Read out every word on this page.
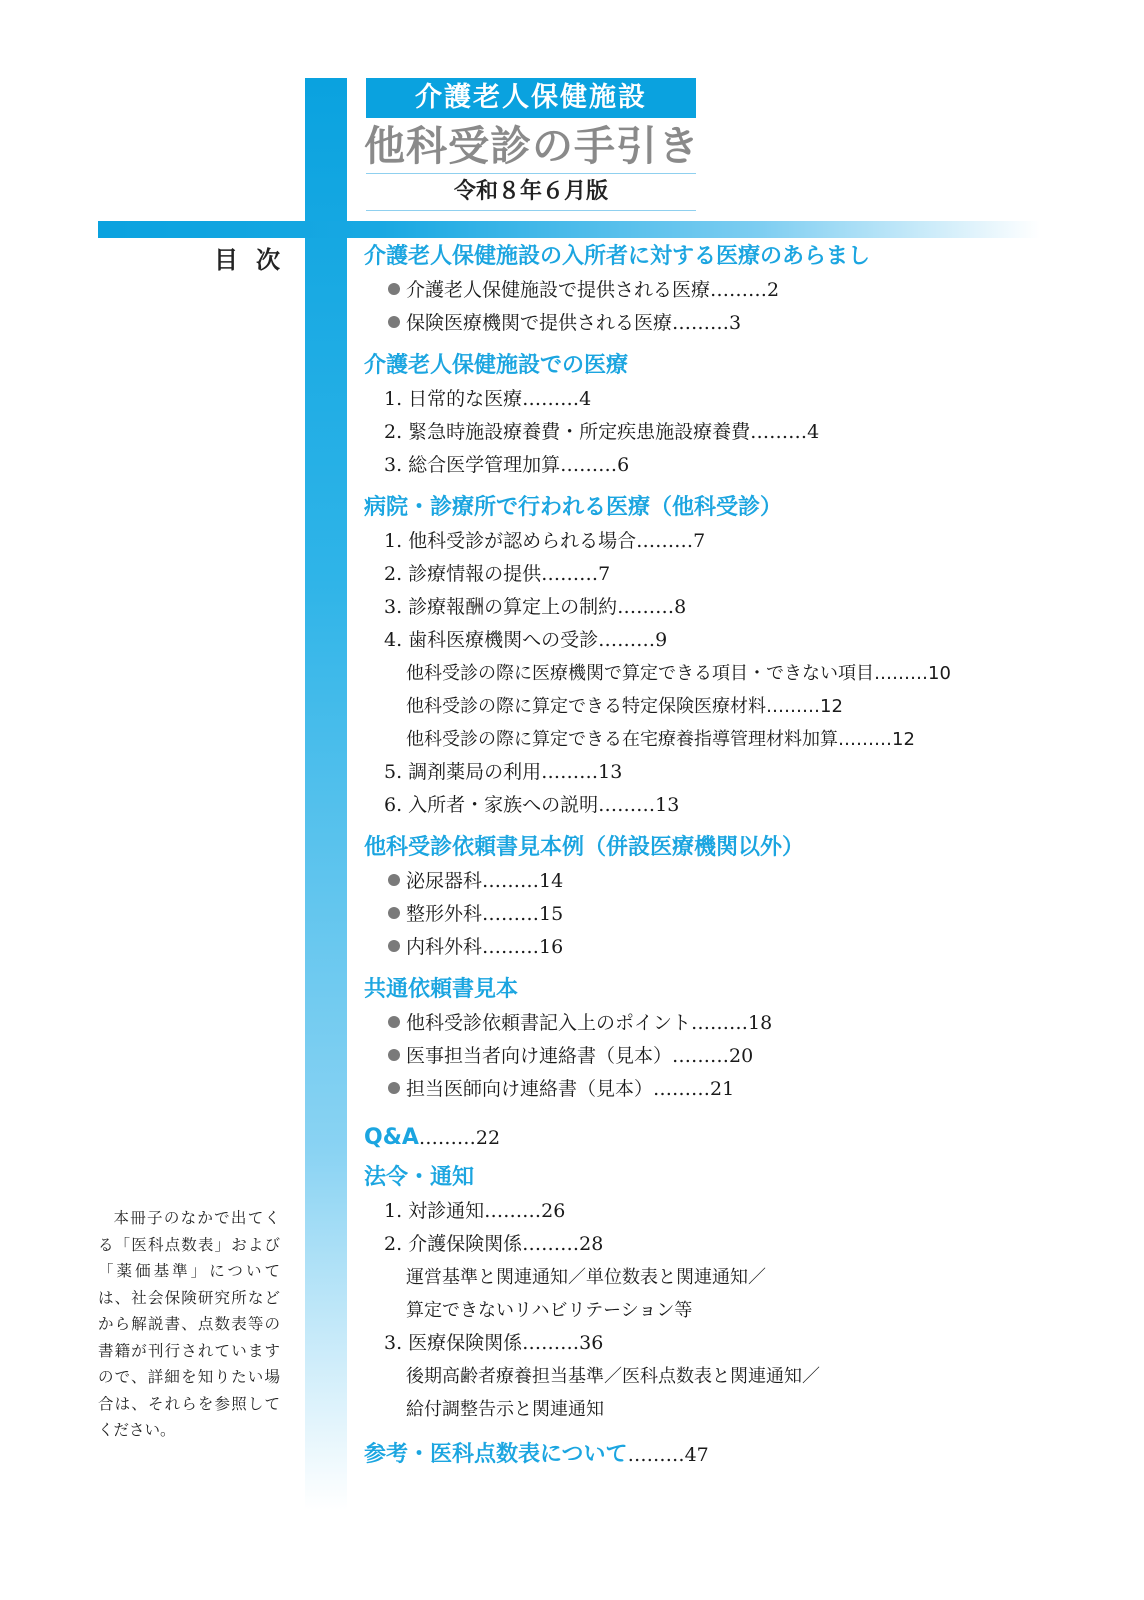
介護老人保健施設
他科受診の手引き
令和８年６月版
目次	介護老人保健施設の入所者に対する医療のあらまし
介護老人保健施設で提供される医療………2
保険医療機関で提供される医療………3
介護老人保健施設での医療
1. 日常的な医療………4
2. 緊急時施設療養費・所定疾患施設療養費………4
3. 総合医学管理加算………6
病院・診療所で行われる医療（他科受診）
1. 他科受診が認められる場合………7
2. 診療情報の提供………7
3. 診療報酬の算定上の制約………8
4. 歯科医療機関への受診………9
他科受診の際に医療機関で算定できる項目・できない項目………10
他科受診の際に算定できる特定保険医療材料………12
他科受診の際に算定できる在宅療養指導管理材料加算………12
5. 調剤薬局の利用………13
6. 入所者・家族への説明………13
他科受診依頼書見本例（併設医療機関以外）
泌尿器科………14
整形外科………15
内科外科………16
共通依頼書見本
他科受診依頼書記入上のポイント………18
医事担当者向け連絡書（見本）………20
担当医師向け連絡書（見本）………21
Q&A………22
法令・通知
1. 対診通知………26
2. 介護保険関係………28
運営基準と関連通知／単位数表と関連通知／
算定できないリハビリテーション等
3. 医療保険関係………36
後期高齢者療養担当基準／医科点数表と関連通知／
給付調整告示と関連通知
参考・医科点数表について………47
本冊子のなかで出てくる「医科点数表」および「薬価基準」については、社会保険研究所などから解説書、点数表等の書籍が刊行されていますので、詳細を知りたい場合は、それらを参照してください。
